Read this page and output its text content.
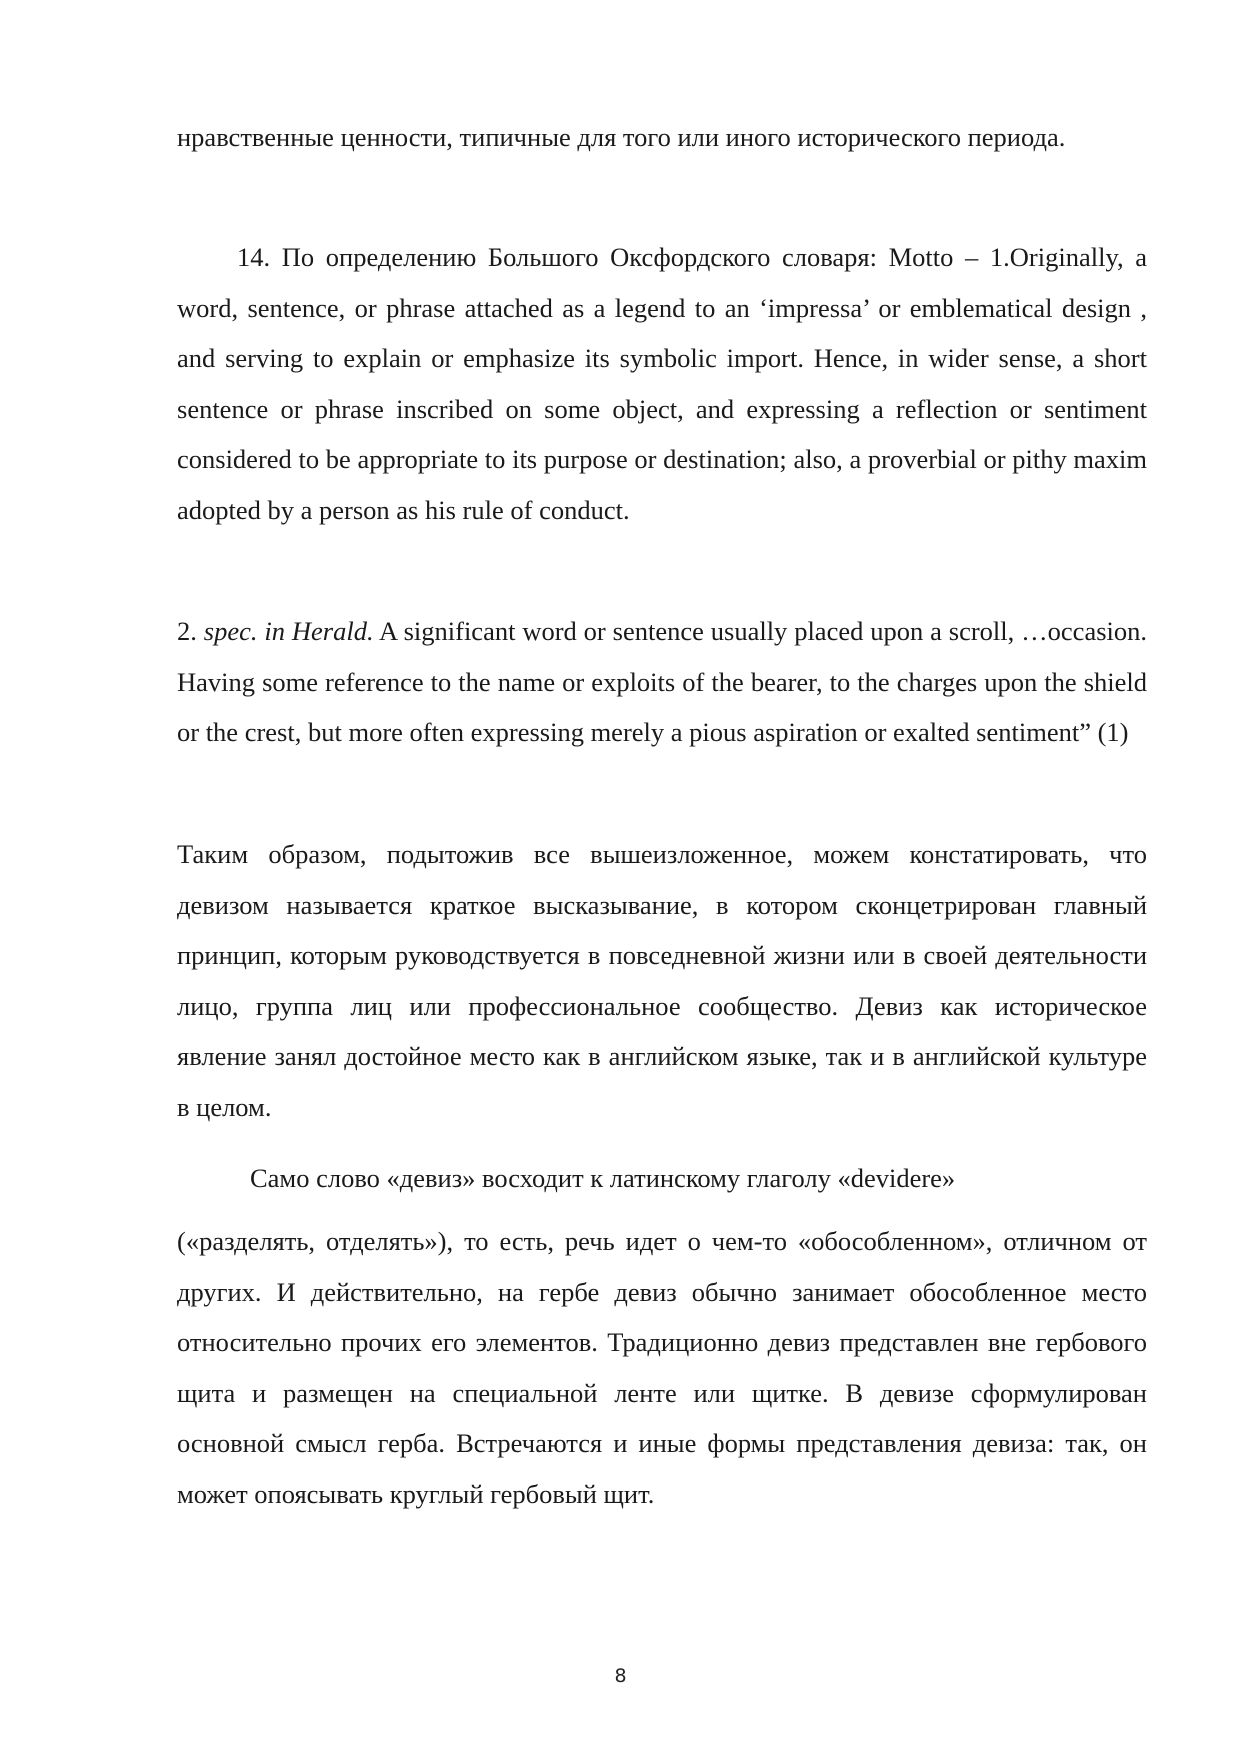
нравственные ценности, типичные для того или иного исторического периода.

14. По определению Большого Оксфордского словаря: Motto – 1.Originally, a word, sentence, or phrase attached as a legend to an ‘impressa’ or emblematical design , and serving to explain or emphasize its symbolic import. Hence, in wider sense, a short sentence or phrase inscribed on some object, and expressing a reflection or sentiment considered to be appropriate to its purpose or destination; also, a proverbial or pithy maxim adopted by a person as his rule of conduct.

2. spec. in Herald. A significant word or sentence usually placed upon a scroll, …occasion. Having some reference to the name or exploits of the bearer, to the charges upon the shield or the crest, but more often expressing merely a pious aspiration or exalted sentiment” (1)

Таким образом, подытожив все вышеизложенное, можем констатировать, что девизом называется краткое высказывание, в котором сконцетрирован главный принцип, которым руководствуется в повседневной жизни или в своей деятельности лицо, группа лиц или профессиональное сообщество. Девиз как историческое явление занял достойное место как в английском языке, так и в английской культуре в целом.

Само слово «девиз» восходит к латинскому глаголу «devidere»

(«разделять, отделять»), то есть, речь идет о чем-то «обособленном», отличном от других. И действительно, на гербе девиз обычно занимает обособленное место относительно прочих его элементов. Традиционно девиз представлен вне гербового щита и размещен на специальной ленте или щитке. В девизе сформулирован основной смысл герба. Встречаются и иные формы представления девиза: так, он может опоясывать круглый гербовый щит.

8
